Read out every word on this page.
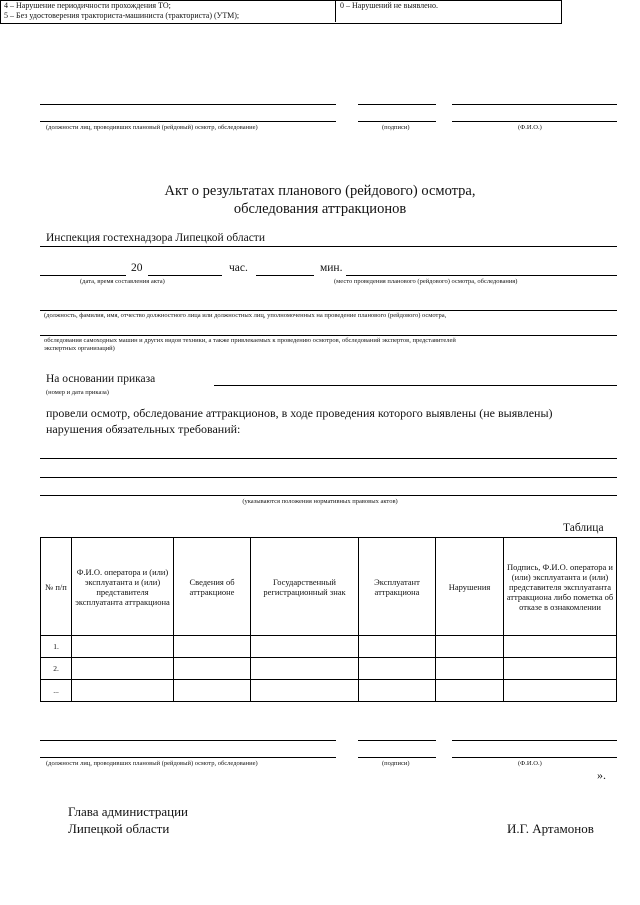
4 – Нарушение периодичности прохождения ТО;
5 – Без удостоверения тракториста-машиниста (тракториста) (УТМ);
0 – Нарушений не выявлено.
(должности лиц, проводивших плановый (рейдовый) осмотр, обследование)	(подписи)	(Ф.И.О.)
Акт о результатах планового (рейдового) осмотра,
обследования аттракционов
Инспекция гостехнадзора Липецкой области
20	час.	мин.
(дата, время составления акта)	(место проведения планового (рейдового) осмотра, обследования)
(должность, фамилия, имя, отчество должностного лица или должностных лиц, уполномоченных на проведение планового (рейдового) осмотра,
обследования самоходных машин и других видов техники, а также привлекаемых к проведению осмотров, обследований экспертов, представителей
экспертных организаций)
На основании приказа
(номер и дата приказа)
провели осмотр, обследование аттракционов, в ходе проведения которого выявлены (не выявлены)
нарушения обязательных требований:
(указываются положения нормативных правовых актов)
Таблица
№ п/п	Ф.И.О. оператора и (или) эксплуатанта и (или) представителя эксплуатанта аттракциона	Сведения об аттракционе	Государственный регистрационный знак	Эксплуатант аттракциона	Нарушения	Подпись, Ф.И.О. оператора и (или) эксплуатанта и (или) представителя эксплуатанта аттракциона либо пометка об отказе в ознакомлении
1.						
2.						
...						
(должности лиц, проводивших плановый (рейдовый) осмотр, обследование)	(подписи)	(Ф.И.О.)
».
Глава администрации
Липецкой области	И.Г. Артамонов
